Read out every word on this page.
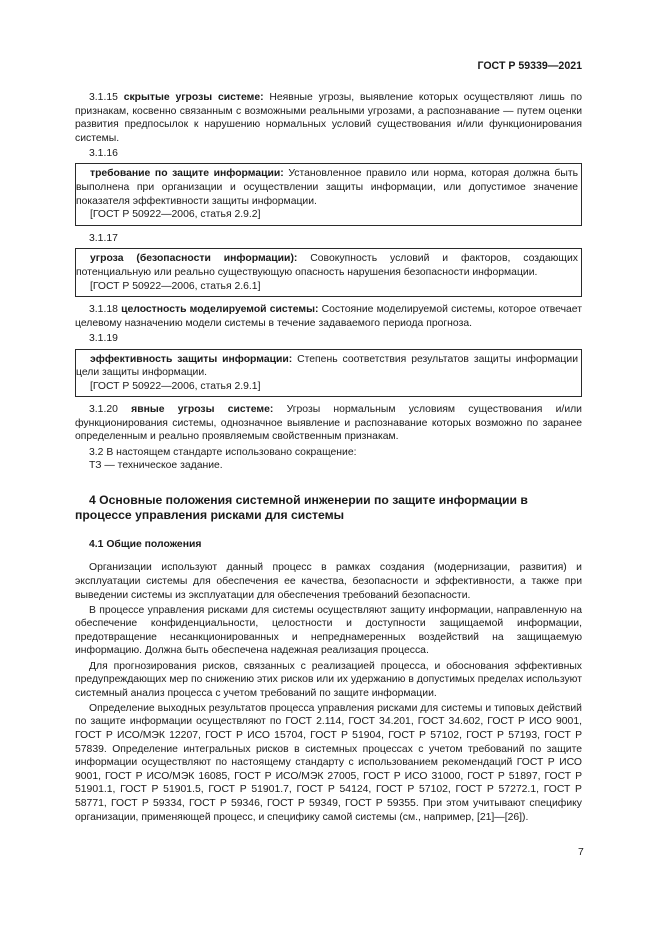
ГОСТ Р 59339—2021

3.1.15 скрытые угрозы системе: Неявные угрозы, выявление которых осуществляют лишь по признакам, косвенно связанным с возможными реальными угрозами, а распознавание — путем оценки развития предпосылок к нарушению нормальных условий существования и/или функционирования системы.

3.1.16

требование по защите информации: Установленное правило или норма, которая должна быть выполнена при организации и осуществлении защиты информации, или допустимое значение показателя эффективности защиты информации.

[ГОСТ Р 50922—2006, статья 2.9.2]

3.1.17

угроза (безопасности информации): Совокупность условий и факторов, создающих потенциальную или реально существующую опасность нарушения безопасности информации.

[ГОСТ Р 50922—2006, статья 2.6.1]

3.1.18 целостность моделируемой системы: Состояние моделируемой системы, которое отвечает целевому назначению модели системы в течение задаваемого периода прогноза.

3.1.19

эффективность защиты информации: Степень соответствия результатов защиты информации цели защиты информации.

[ГОСТ Р 50922—2006, статья 2.9.1]

3.1.20 явные угрозы системе: Угрозы нормальным условиям существования и/или функционирования системы, однозначное выявление и распознавание которых возможно по заранее определенным и реально проявляемым свойственным признакам.

3.2 В настоящем стандарте использовано сокращение:

ТЗ — техническое задание.

4 Основные положения системной инженерии по защите информации в процессе управления рисками для системы

4.1 Общие положения

Организации используют данный процесс в рамках создания (модернизации, развития) и эксплуатации системы для обеспечения ее качества, безопасности и эффективности, а также при выведении системы из эксплуатации для обеспечения требований безопасности.

В процессе управления рисками для системы осуществляют защиту информации, направленную на обеспечение конфиденциальности, целостности и доступности защищаемой информации, предотвращение несанкционированных и непреднамеренных воздействий на защищаемую информацию. Должна быть обеспечена надежная реализация процесса.

Для прогнозирования рисков, связанных с реализацией процесса, и обоснования эффективных предупреждающих мер по снижению этих рисков или их удержанию в допустимых пределах используют системный анализ процесса с учетом требований по защите информации.

Определение выходных результатов процесса управления рисками для системы и типовых действий по защите информации осуществляют по ГОСТ 2.114, ГОСТ 34.201, ГОСТ 34.602, ГОСТ Р ИСО 9001, ГОСТ Р ИСО/МЭК 12207, ГОСТ Р ИСО 15704, ГОСТ Р 51904, ГОСТ Р 57102, ГОСТ Р 57193, ГОСТ Р 57839. Определение интегральных рисков в системных процессах с учетом требований по защите информации осуществляют по настоящему стандарту с использованием рекомендаций ГОСТ Р ИСО 9001, ГОСТ Р ИСО/МЭК 16085, ГОСТ Р ИСО/МЭК 27005, ГОСТ Р ИСО 31000, ГОСТ Р 51897, ГОСТ Р 51901.1, ГОСТ Р 51901.5, ГОСТ Р 51901.7, ГОСТ Р 54124, ГОСТ Р 57102, ГОСТ Р 57272.1, ГОСТ Р 58771, ГОСТ Р 59334, ГОСТ Р 59346, ГОСТ Р 59349, ГОСТ Р 59355. При этом учитывают специфику организации, применяющей процесс, и специфику самой системы (см., например, [21]—[26]).

7
